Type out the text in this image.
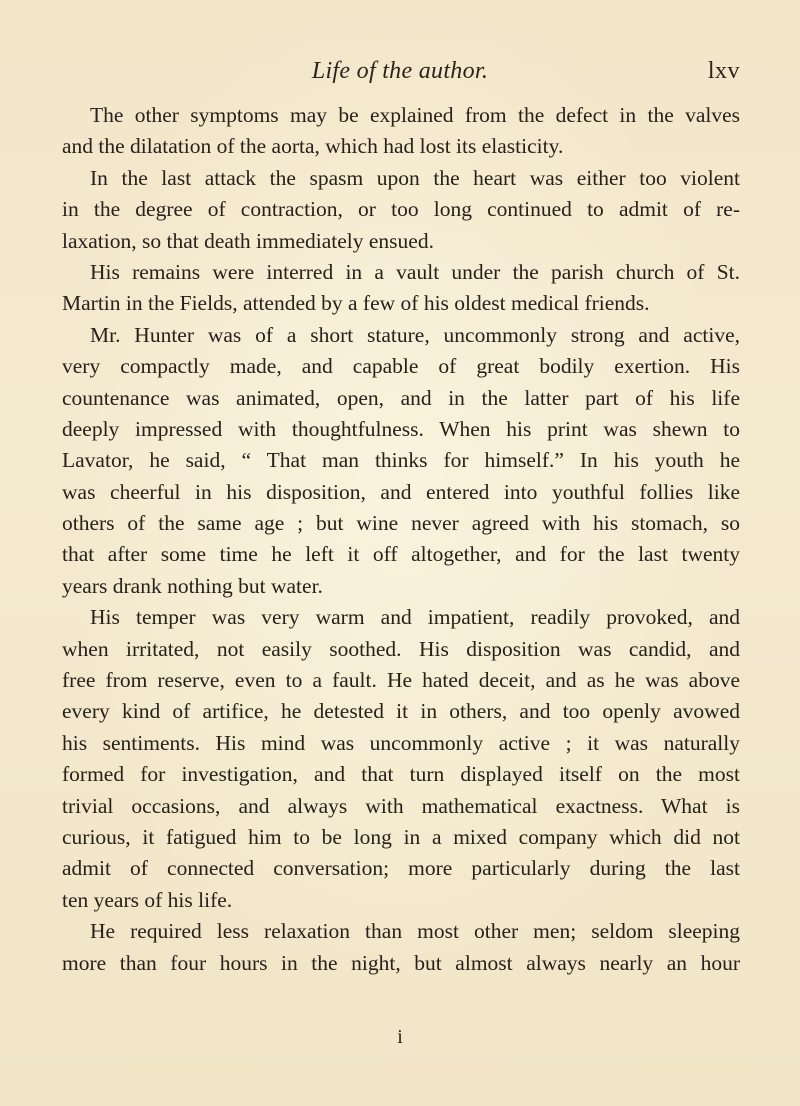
Life of the author.	lxv
The other symptoms may be explained from the defect in the valves
and the dilatation of the aorta, which had lost its elasticity.
In the last attack the spasm upon the heart was either too violent
in the degree of contraction, or too long continued to admit of re-
laxation, so that death immediately ensued.
His remains were interred in a vault under the parish church of St.
Martin in the Fields, attended by a few of his oldest medical friends.
Mr. Hunter was of a short stature, uncommonly strong and active,
very compactly made, and capable of great bodily exertion. His
countenance was animated, open, and in the latter part of his life
deeply impressed with thoughtfulness. When his print was shewn to
Lavator, he said, “ That man thinks for himself.” In his youth he
was cheerful in his disposition, and entered into youthful follies like
others of the same age ; but wine never agreed with his stomach, so
that after some time he left it off altogether, and for the last twenty
years drank nothing but water.
His temper was very warm and impatient, readily provoked, and
when irritated, not easily soothed. His disposition was candid, and
free from reserve, even to a fault. He hated deceit, and as he was above
every kind of artifice, he detested it in others, and too openly avowed
his sentiments. His mind was uncommonly active ; it was naturally
formed for investigation, and that turn displayed itself on the most
trivial occasions, and always with mathematical exactness. What is
curious, it fatigued him to be long in a mixed company which did not
admit of connected conversation; more particularly during the last
ten years of his life.
He required less relaxation than most other men; seldom sleeping
more than four hours in the night, but almost always nearly an hour
i
